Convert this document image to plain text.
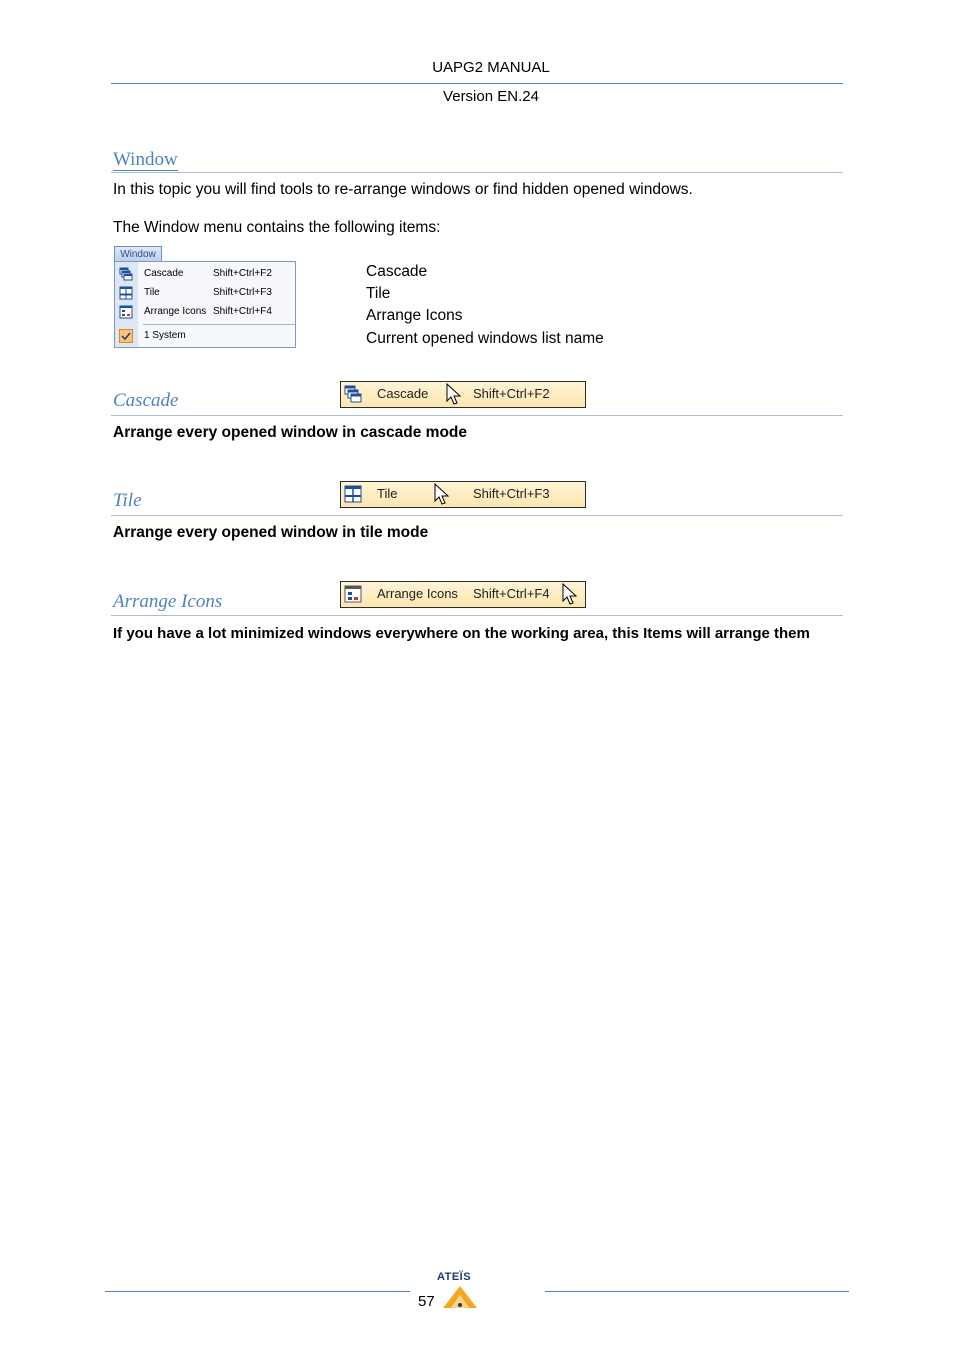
UAPG2 MANUAL
Version EN.24
Window
In this topic you will find tools to re-arrange windows or find hidden opened windows.
The Window menu contains the following items:
Window
Cascade	Shift+Ctrl+F2
Tile	Shift+Ctrl+F3
Arrange Icons Shift+Ctrl+F4
1 System
Cascade
Tile
Arrange Icons
Current opened windows list name
Cascade	Cascade	Shift+Ctrl+F2
Arrange every opened window in cascade mode
Tile	Tile	Shift+Ctrl+F3
Arrange every opened window in tile mode
Arrange Icons	Arrange Icons Shift+Ctrl+F4
If you have a lot minimized windows everywhere on the working area, this Items will arrange them
57
ATEÏS
